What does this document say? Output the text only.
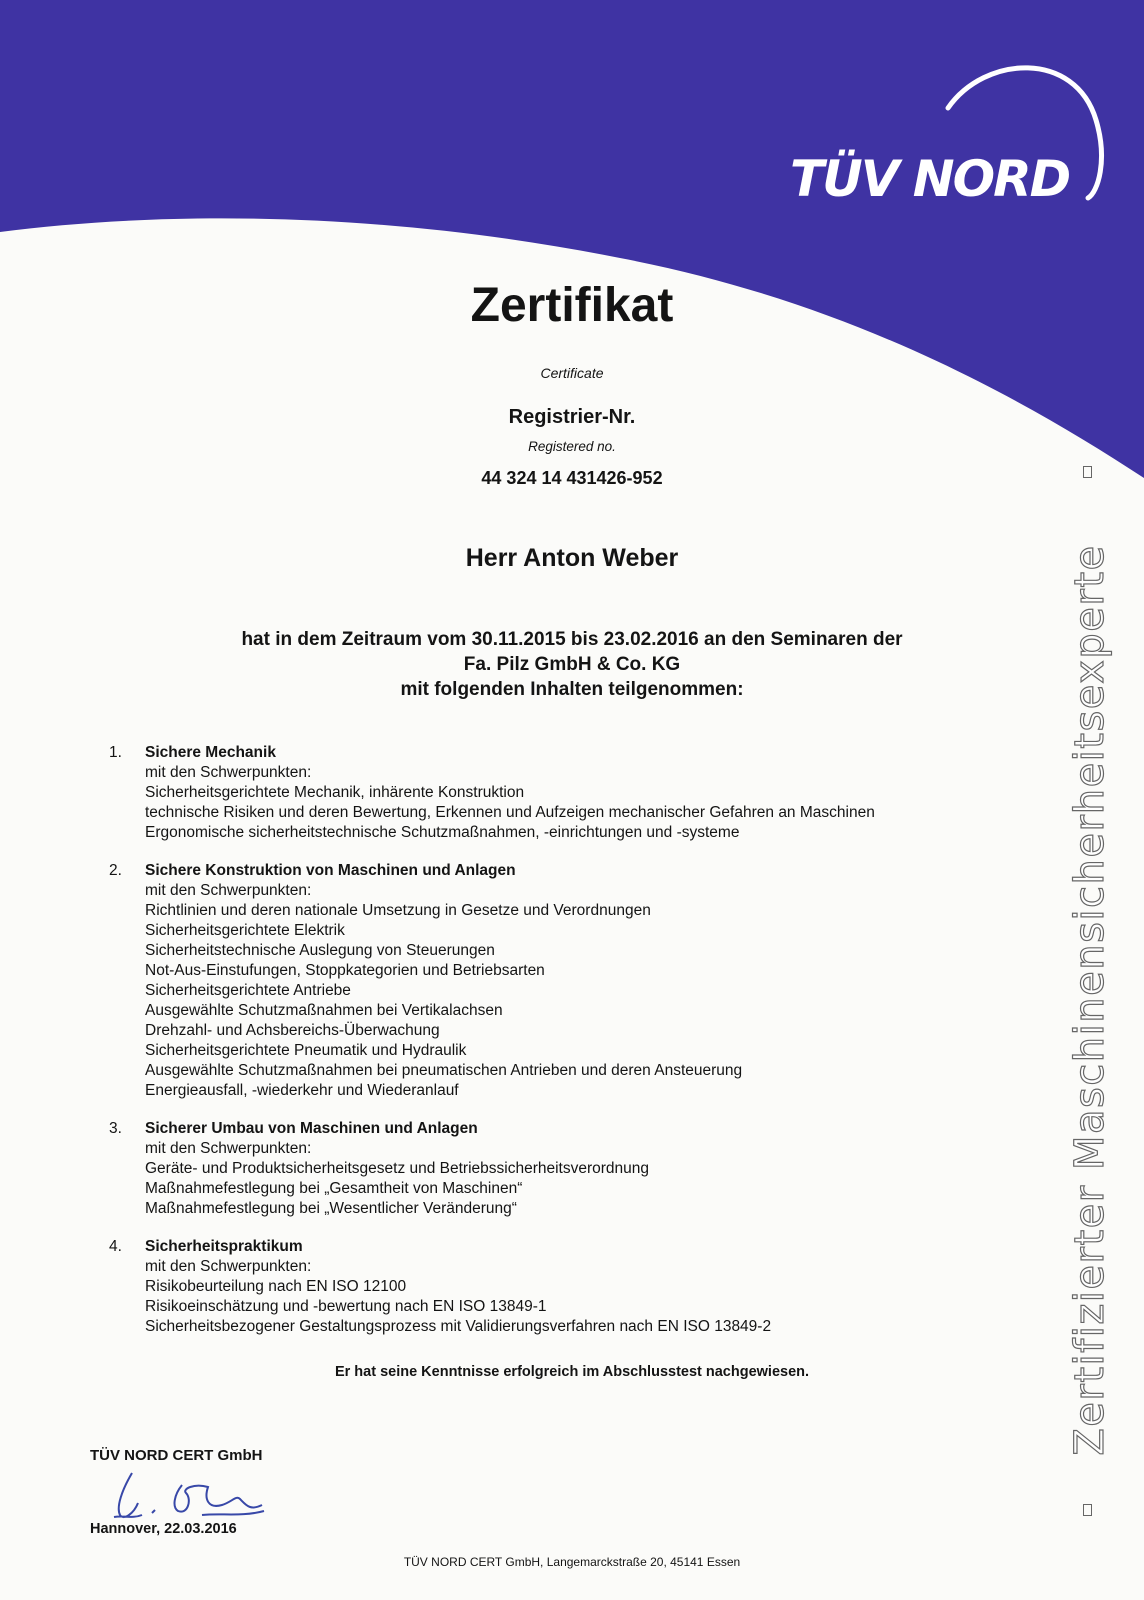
TÜV NORD
Zertifikat
Certificate
Registrier-Nr.
Registered no.
44 324 14 431426-952
Herr Anton Weber
hat in dem Zeitraum vom 30.11.2015 bis 23.02.2016 an den Seminaren der
Fa. Pilz GmbH & Co. KG
mit folgenden Inhalten teilgenommen:
1. Sichere Mechanik
mit den Schwerpunkten:
Sicherheitsgerichtete Mechanik, inhärente Konstruktion
technische Risiken und deren Bewertung, Erkennen und Aufzeigen mechanischer Gefahren an Maschinen
Ergonomische sicherheitstechnische Schutzmaßnahmen, -einrichtungen und -systeme
2. Sichere Konstruktion von Maschinen und Anlagen
mit den Schwerpunkten:
Richtlinien und deren nationale Umsetzung in Gesetze und Verordnungen
Sicherheitsgerichtete Elektrik
Sicherheitstechnische Auslegung von Steuerungen
Not-Aus-Einstufungen, Stoppkategorien und Betriebsarten
Sicherheitsgerichtete Antriebe
Ausgewählte Schutzmaßnahmen bei Vertikalachsen
Drehzahl- und Achsbereichs-Überwachung
Sicherheitsgerichtete Pneumatik und Hydraulik
Ausgewählte Schutzmaßnahmen bei pneumatischen Antrieben und deren Ansteuerung
Energieausfall, -wiederkehr und Wiederanlauf
3. Sicherer Umbau von Maschinen und Anlagen
mit den Schwerpunkten:
Geräte- und Produktsicherheitsgesetz und Betriebssicherheitsverordnung
Maßnahmefestlegung bei „Gesamtheit von Maschinen“
Maßnahmefestlegung bei „Wesentlicher Veränderung“
4. Sicherheitspraktikum
mit den Schwerpunkten:
Risikobeurteilung nach EN ISO 12100
Risikoeinschätzung und -bewertung nach EN ISO 13849-1
Sicherheitsbezogener Gestaltungsprozess mit Validierungsverfahren nach EN ISO 13849-2
Er hat seine Kenntnisse erfolgreich im Abschlusstest nachgewiesen.
TÜV NORD CERT GmbH
Hannover, 22.03.2016
TÜV NORD CERT GmbH, Langemarckstraße 20, 45141 Essen
Zertifizierter Maschinensicherheitsexperte
